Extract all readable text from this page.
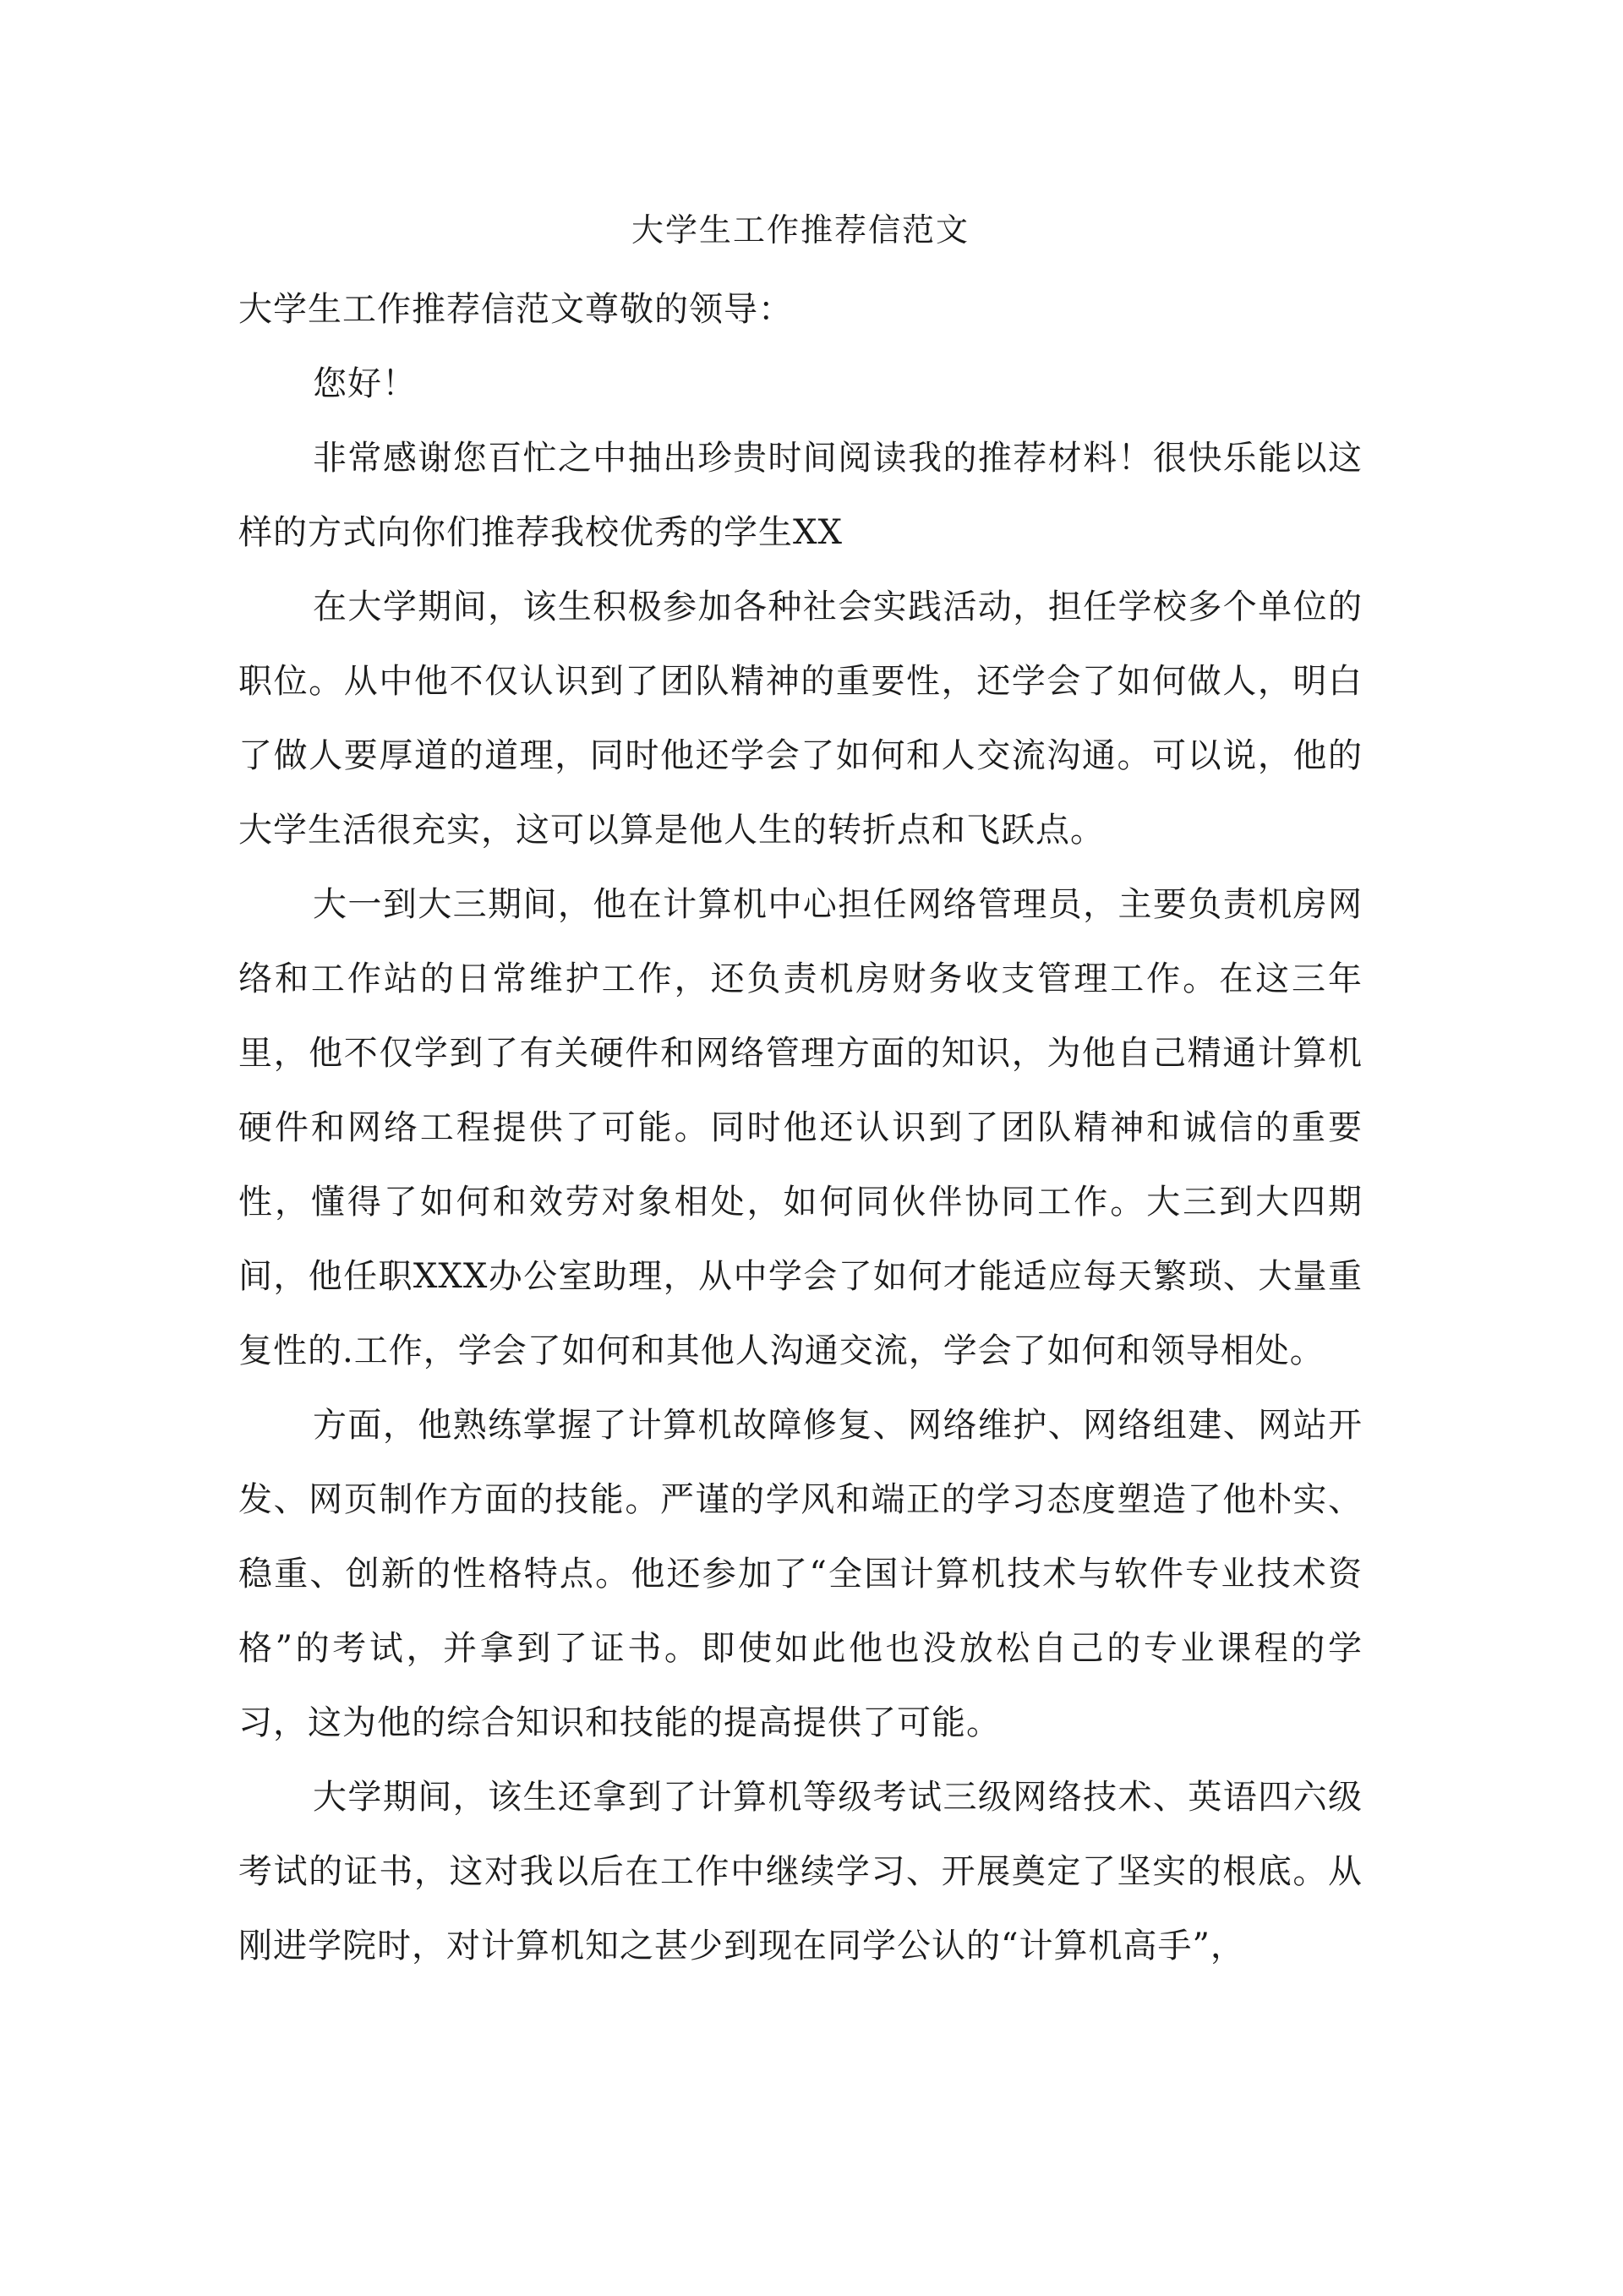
大学生工作推荐信范文

大学生工作推荐信范文尊敬的领导：

您好！

非常感谢您百忙之中抽出珍贵时间阅读我的推荐材料！很快乐能以这样的方式向你们推荐我校优秀的学生XX

在大学期间，该生积极参加各种社会实践活动，担任学校多个单位的职位。从中他不仅认识到了团队精神的重要性，还学会了如何做人，明白了做人要厚道的道理，同时他还学会了如何和人交流沟通。可以说，他的大学生活很充实，这可以算是他人生的转折点和飞跃点。

大一到大三期间，他在计算机中心担任网络管理员，主要负责机房网络和工作站的日常维护工作，还负责机房财务收支管理工作。在这三年里，他不仅学到了有关硬件和网络管理方面的知识，为他自己精通计算机硬件和网络工程提供了可能。同时他还认识到了团队精神和诚信的重要性，懂得了如何和效劳对象相处，如何同伙伴协同工作。大三到大四期间，他任职XXX办公室助理，从中学会了如何才能适应每天繁琐、大量重复性的.工作，学会了如何和其他人沟通交流，学会了如何和领导相处。

方面，他熟练掌握了计算机故障修复、网络维护、网络组建、网站开发、网页制作方面的技能。严谨的学风和端正的学习态度塑造了他朴实、稳重、创新的性格特点。他还参加了“全国计算机技术与软件专业技术资格”的考试，并拿到了证书。即使如此他也没放松自己的专业课程的学习，这为他的综合知识和技能的提高提供了可能。

大学期间，该生还拿到了计算机等级考试三级网络技术、英语四六级考试的证书，这对我以后在工作中继续学习、开展奠定了坚实的根底。从刚进学院时，对计算机知之甚少到现在同学公认的“计算机高手”，
